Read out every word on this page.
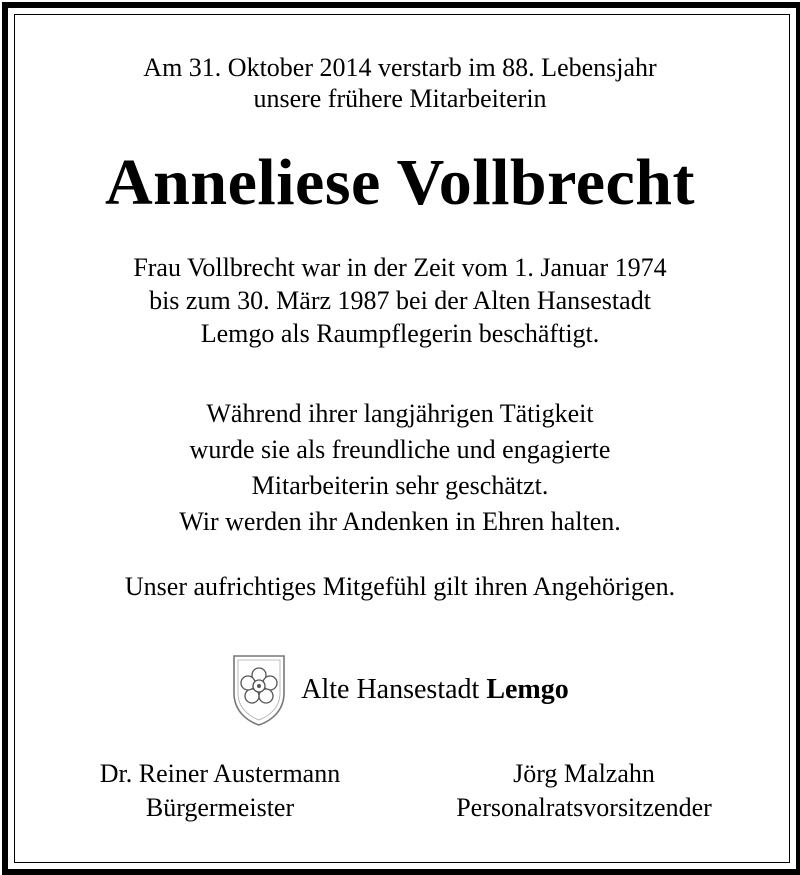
Am 31. Oktober 2014 verstarb im 88. Lebensjahr
unsere frühere Mitarbeiterin
Anneliese Vollbrecht
Frau Vollbrecht war in der Zeit vom 1. Januar 1974
bis zum 30. März 1987 bei der Alten Hansestadt
Lemgo als Raumpflegerin beschäftigt.
Während ihrer langjährigen Tätigkeit
wurde sie als freundliche und engagierte
Mitarbeiterin sehr geschätzt.
Wir werden ihr Andenken in Ehren halten.
Unser aufrichtiges Mitgefühl gilt ihren Angehörigen.
Alte Hansestadt Lemgo
Dr. Reiner Austermann
Bürgermeister
Jörg Malzahn
Personalratsvorsitzender
